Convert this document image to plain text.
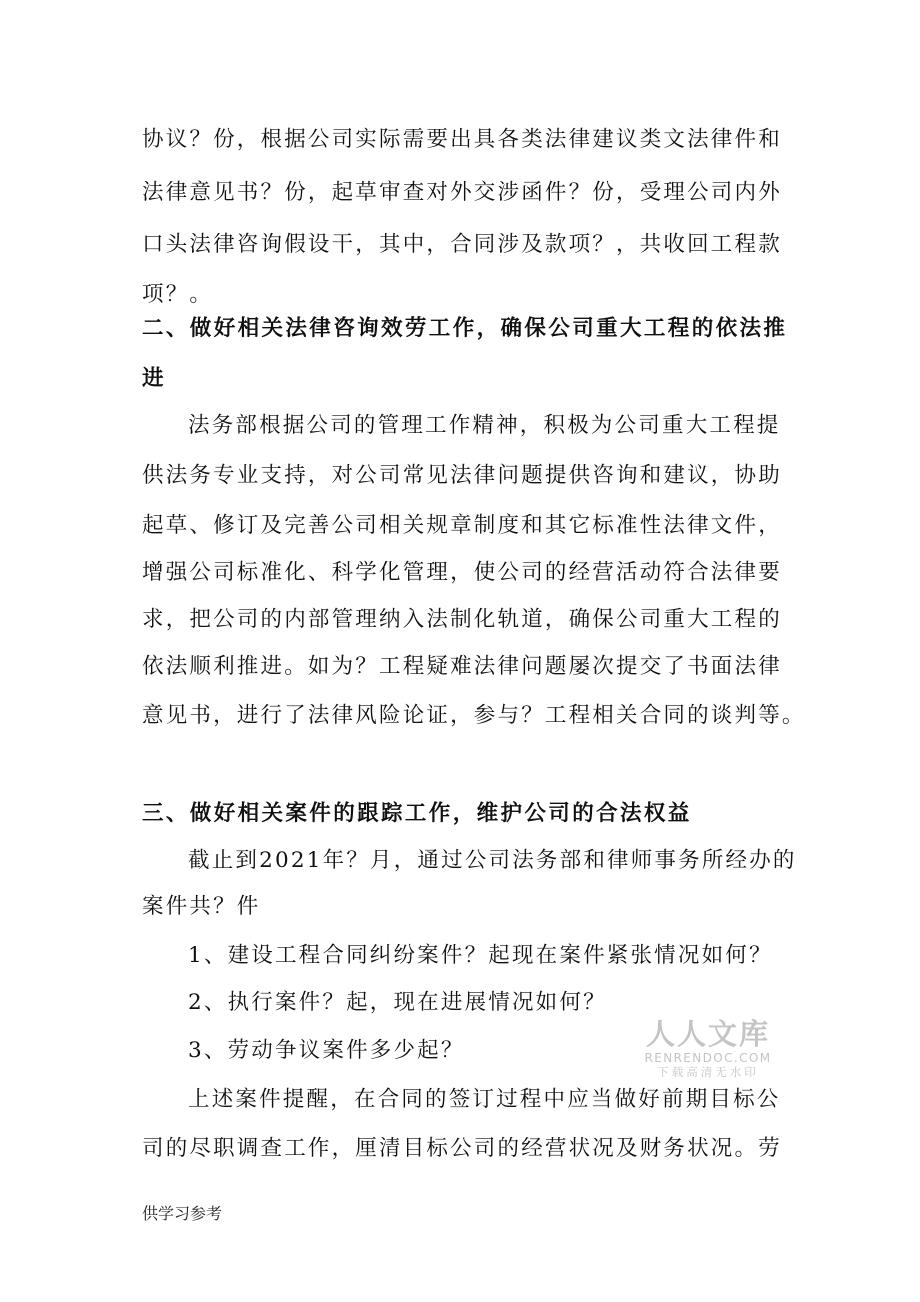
协议？份，根据公司实际需要出具各类法律建议类文法律件和
法律意见书？份，起草审查对外交涉函件？份，受理公司内外
口头法律咨询假设干，其中，合同涉及款项？，共收回工程款
项？。
二、做好相关法律咨询效劳工作，确保公司重大工程的依法推
进
法务部根据公司的管理工作精神，积极为公司重大工程提
供法务专业支持，对公司常见法律问题提供咨询和建议，协助
起草、修订及完善公司相关规章制度和其它标准性法律文件，
增强公司标准化、科学化管理，使公司的经营活动符合法律要
求，把公司的内部管理纳入法制化轨道，确保公司重大工程的
依法顺利推进。如为？工程疑难法律问题屡次提交了书面法律
意见书，进行了法律风险论证，参与？工程相关合同的谈判等。
三、做好相关案件的跟踪工作，维护公司的合法权益
截止到2021年？月，通过公司法务部和律师事务所经办的
案件共？件
1、建设工程合同纠纷案件？起现在案件紧张情况如何？
2、执行案件？起，现在进展情况如何？
3、劳动争议案件多少起？
上述案件提醒，在合同的签订过程中应当做好前期目标公
司的尽职调查工作，厘清目标公司的经营状况及财务状况。劳
人人文库
RENRENDOC.COM
下载高清无水印
供学习参考
